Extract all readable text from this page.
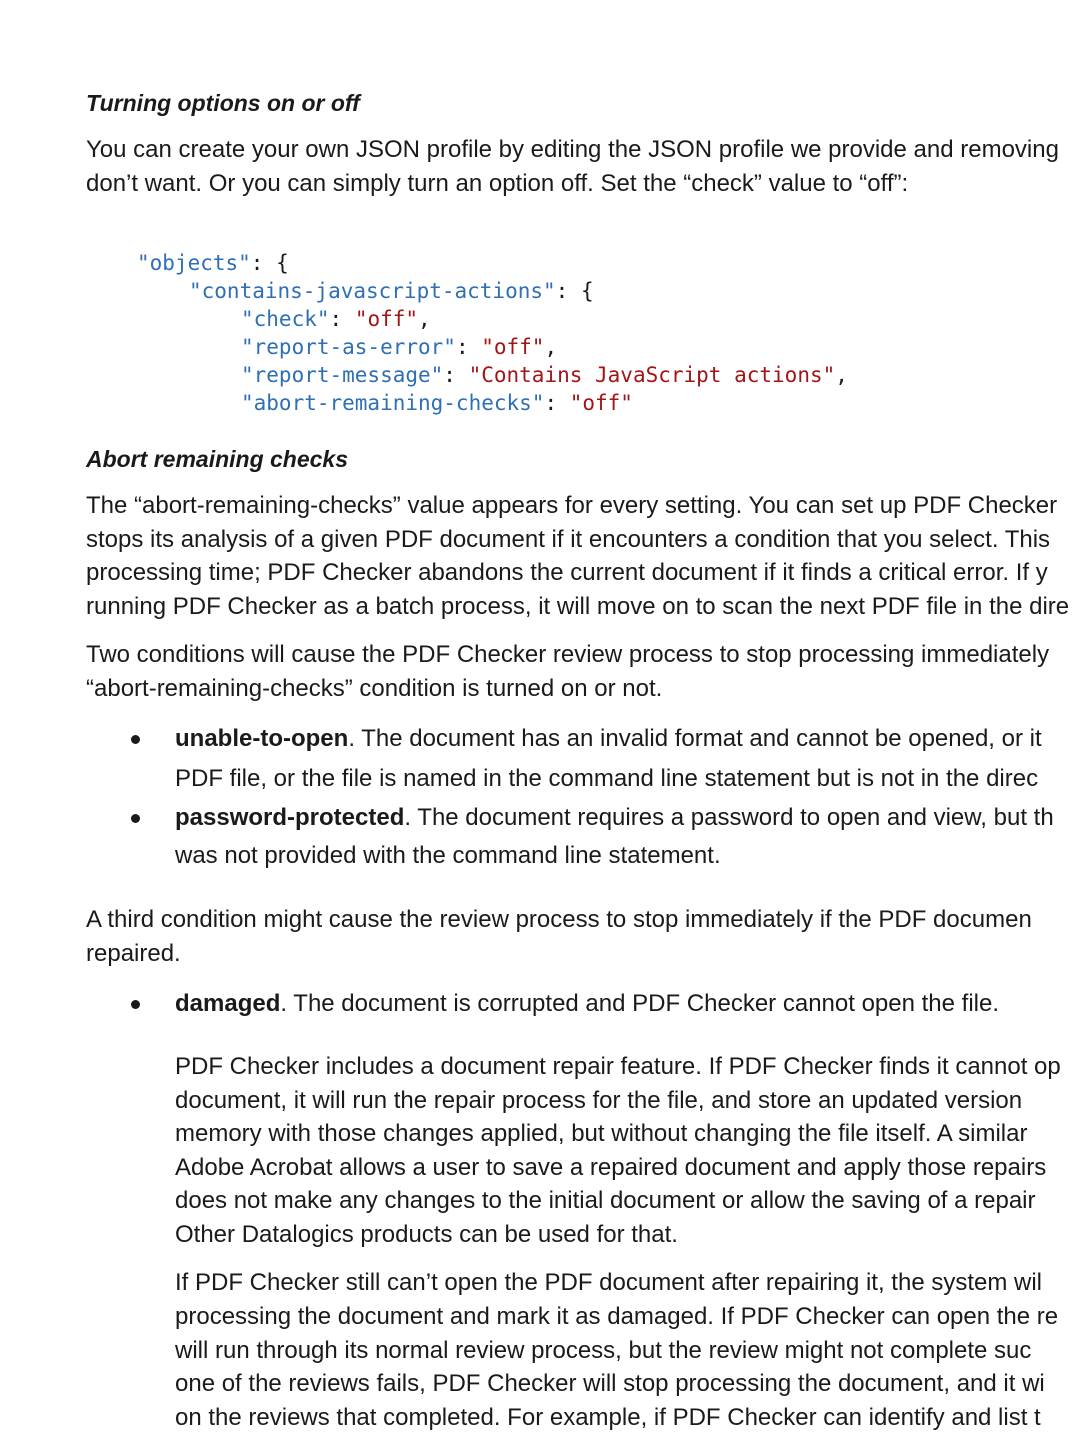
Turning options on or off
You can create your own JSON profile by editing the JSON profile we provide and removing
don’t want. Or you can simply turn an option off. Set the “check” value to “off”:
"objects": {
"contains-javascript-actions": {
"check": "off",
"report-as-error": "off",
"report-message": "Contains JavaScript actions",
"abort-remaining-checks": "off"
Abort remaining checks
The “abort-remaining-checks” value appears for every setting. You can set up PDF Checker
stops its analysis of a given PDF document if it encounters a condition that you select. This
processing time; PDF Checker abandons the current document if it finds a critical error. If y
running PDF Checker as a batch process, it will move on to scan the next PDF file in the dire
Two conditions will cause the PDF Checker review process to stop processing immediately
“abort-remaining-checks” condition is turned on or not.
unable-to-open. The document has an invalid format and cannot be opened, or it
PDF file, or the file is named in the command line statement but is not in the direc
password-protected. The document requires a password to open and view, but th
was not provided with the command line statement.
A third condition might cause the review process to stop immediately if the PDF documen
repaired.
damaged. The document is corrupted and PDF Checker cannot open the file.
PDF Checker includes a document repair feature. If PDF Checker finds it cannot op
document, it will run the repair process for the file, and store an updated version
memory with those changes applied, but without changing the file itself. A similar
Adobe Acrobat allows a user to save a repaired document and apply those repairs
does not make any changes to the initial document or allow the saving of a repair
Other Datalogics products can be used for that.
If PDF Checker still can’t open the PDF document after repairing it, the system wil
processing the document and mark it as damaged. If PDF Checker can open the re
will run through its normal review process, but the review might not complete suc
one of the reviews fails, PDF Checker will stop processing the document, and it wi
on the reviews that completed. For example, if PDF Checker can identify and list t
